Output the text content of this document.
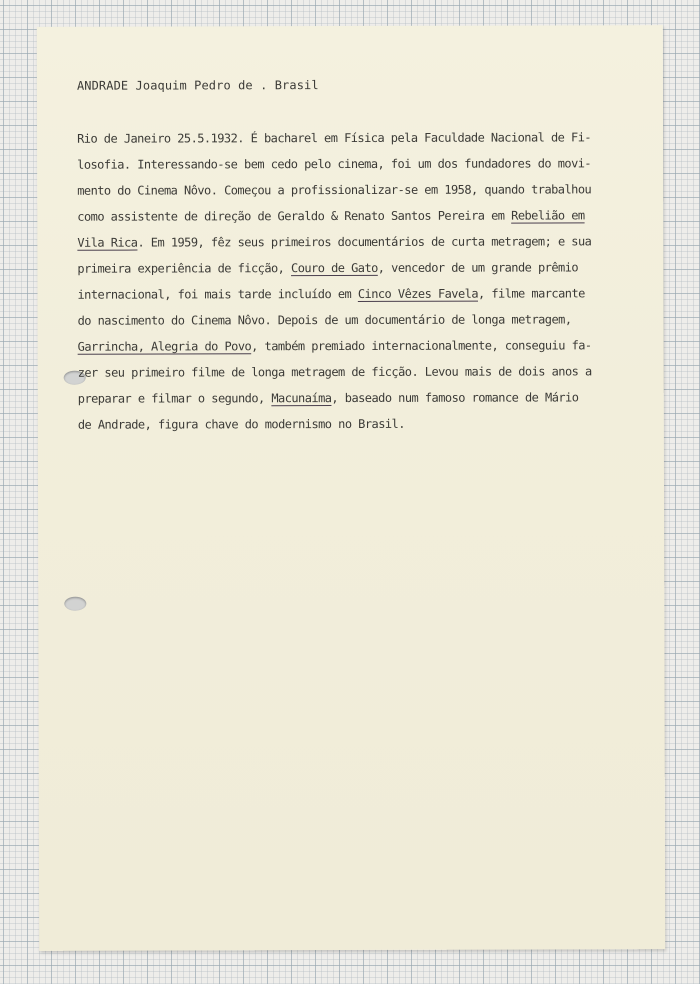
ANDRADE Joaquim Pedro de . Brasil
Rio de Janeiro 25.5.1932. É bacharel em Física pela Faculdade Nacional de Fi-
losofia. Interessando-se bem cedo pelo cinema, foi um dos fundadores do movi-
mento do Cinema Nôvo. Começou a profissionalizar-se em 1958, quando trabalhou
como assistente de direção de Geraldo & Renato Santos Pereira em Rebelião em
Vila Rica. Em 1959, fêz seus primeiros documentários de curta metragem; e sua
primeira experiência de ficção, Couro de Gato, vencedor de um grande prêmio
internacional, foi mais tarde incluído em Cinco Vêzes Favela, filme marcante
do nascimento do Cinema Nôvo. Depois de um documentário de longa metragem,
Garrincha, Alegria do Povo, também premiado internacionalmente, conseguiu fa-
zer seu primeiro filme de longa metragem de ficção. Levou mais de dois anos a
preparar e filmar o segundo, Macunaíma, baseado num famoso romance de Mário
de Andrade, figura chave do modernismo no Brasil.
